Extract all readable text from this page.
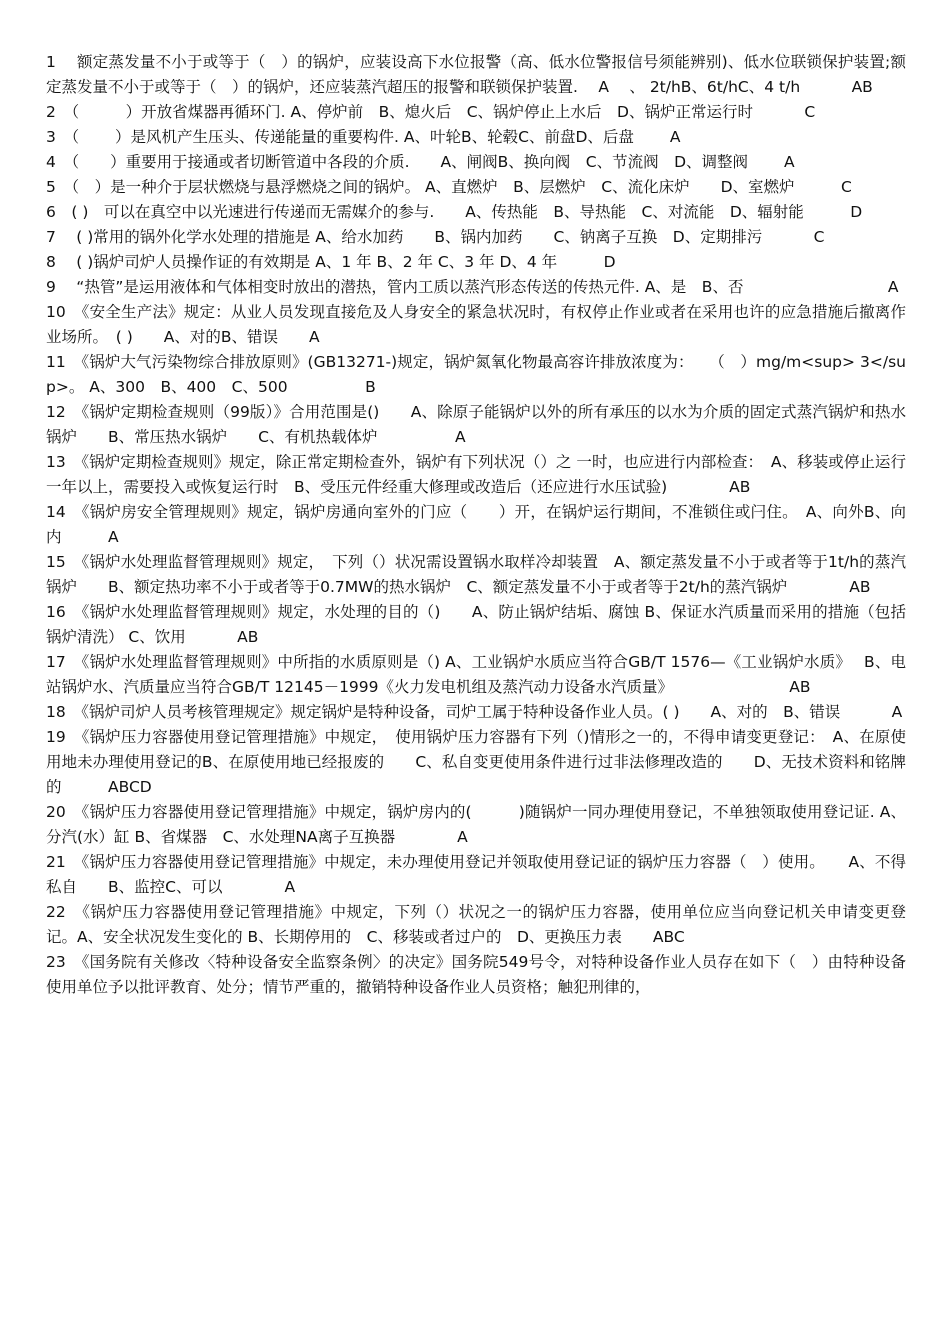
1　 额定蒸发量不小于或等于（　）的锅炉，应装设高下水位报警（高、低水位警报信号须能辨别)、低水位联锁保护装置;额定蒸发量不小于或等于（　）的锅炉，还应装蒸汽超压的报警和联锁保护装置.　 A　 、 2t/hB、6t/hC、4 t/h　　　 AB

2　（　　　）开放省煤器再循环门. A、停炉前　B、熄火后　C、锅炉停止上水后　D、锅炉正常运行时　　　 C

3　（　　 ）是风机产生压头、传递能量的重要构件. A、叶轮B、轮毂C、前盘D、后盘　　 A

4　（　　）重要用于接通或者切断管道中各段的介质.　　A、闸阀B、换向阀　C、节流阀　D、调整阀　　 A

5　（　）是一种介于层状燃烧与悬浮燃烧之间的锅炉。 A、直燃炉　B、层燃炉　C、流化床炉　　D、室燃炉　　　C

6　( )　可以在真空中以光速进行传递而无需媒介的参与.　　A、传热能　B、导热能　C、对流能　D、辐射能　　　D

7　 ( )常用的锅外化学水处理的措施是 A、给水加药　　B、锅内加药　　C、钠离子互换　D、定期排污　　　 C

8　 ( )锅炉司炉人员操作证的有效期是 A、1 年 B、2 年 C、3 年 D、4 年　　　D

9　 “热管”是运用液体和气体相变时放出的潜热，管内工质以蒸汽形态传送的传热元件. A、是　B、否　　　　　　　　　 A

10　《安全生产法》规定：从业人员发现直接危及人身安全的紧急状况时，有权停止作业或者在采用也许的应急措施后撤离作业场所。　( )　　A、对的B、错误　　A

11　《锅炉大气污染物综合排放原则》(GB13271-)规定，锅炉氮氧化物最高容许排放浓度为：　　（　）mg/m<sup> 3</sup>。 A、300　B、400　C、500　　　　　B

12　《锅炉定期检查规则（99版）》合用范围是()　　A、除原子能锅炉以外的所有承压的以水为介质的固定式蒸汽锅炉和热水锅炉　　B、常压热水锅炉　　C、有机热载体炉　　　　　A

13　《锅炉定期检查规则》规定，除正常定期检查外，锅炉有下列状况（）之 一时，也应进行内部检查：　A、移装或停止运行一年以上，需要投入或恢复运行时　B、受压元件经重大修理或改造后（还应进行水压试验)　　　　AB

14　《锅炉房安全管理规则》规定，锅炉房通向室外的门应（　　）开，在锅炉运行期间，不准锁住或闩住。　A、向外B、向内　　　A

15　《锅炉水处理监督管理规则》规定，　下列（）状况需设置锅水取样冷却装置　A、额定蒸发量不小于或者等于1t/h的蒸汽锅炉　　B、额定热功率不小于或者等于0.7MW的热水锅炉　C、额定蒸发量不小于或者等于2t/h的蒸汽锅炉　　　　AB

16　《锅炉水处理监督管理规则》规定，水处理的目的（)　　A、防止锅炉结垢、腐蚀 B、保证水汽质量而采用的措施（包括锅炉清洗） C、饮用　　　 AB

17　《锅炉水处理监督管理规则》中所指的水质原则是（) A、工业锅炉水质应当符合GB/T 1576—《工业锅炉水质》　 B、电站锅炉水、汽质量应当符合GB/T 12145－1999《火力发电机组及蒸汽动力设备水汽质量》　　　　　　　　AB

18　《锅炉司炉人员考核管理规定》规定锅炉是特种设备，司炉工属于特种设备作业人员。( )　　A、对的　B、错误　　　 A

19　《锅炉压力容器使用登记管理措施》中规定，　使用锅炉压力容器有下列（)情形之一的，不得申请变更登记：　A、在原使用地未办理使用登记的B、在原使用地已经报废的　　C、私自变更使用条件进行过非法修理改造的　　D、无技术资料和铭牌的　　　ABCD

20　《锅炉压力容器使用登记管理措施》中规定，锅炉房内的(　　　)随锅炉一同办理使用登记，不单独领取使用登记证. A、分汽(水）缸 B、省煤器　C、水处理NA离子互换器　　　　A

21　《锅炉压力容器使用登记管理措施》中规定，未办理使用登记并领取使用登记证的锅炉压力容器（　）使用。　　A、不得私自　　B、监控C、可以　　　　A

22　《锅炉压力容器使用登记管理措施》中规定，下列（）状况之一的锅炉压力容器，使用单位应当向登记机关申请变更登记。A、安全状况发生变化的 B、长期停用的　C、移装或者过户的　D、更换压力表　　ABC

23　《国务院有关修改〈特种设备安全监察条例〉的决定》国务院549号令，对特种设备作业人员存在如下（　）由特种设备使用单位予以批评教育、处分；情节严重的，撤销特种设备作业人员资格；触犯刑律的，
